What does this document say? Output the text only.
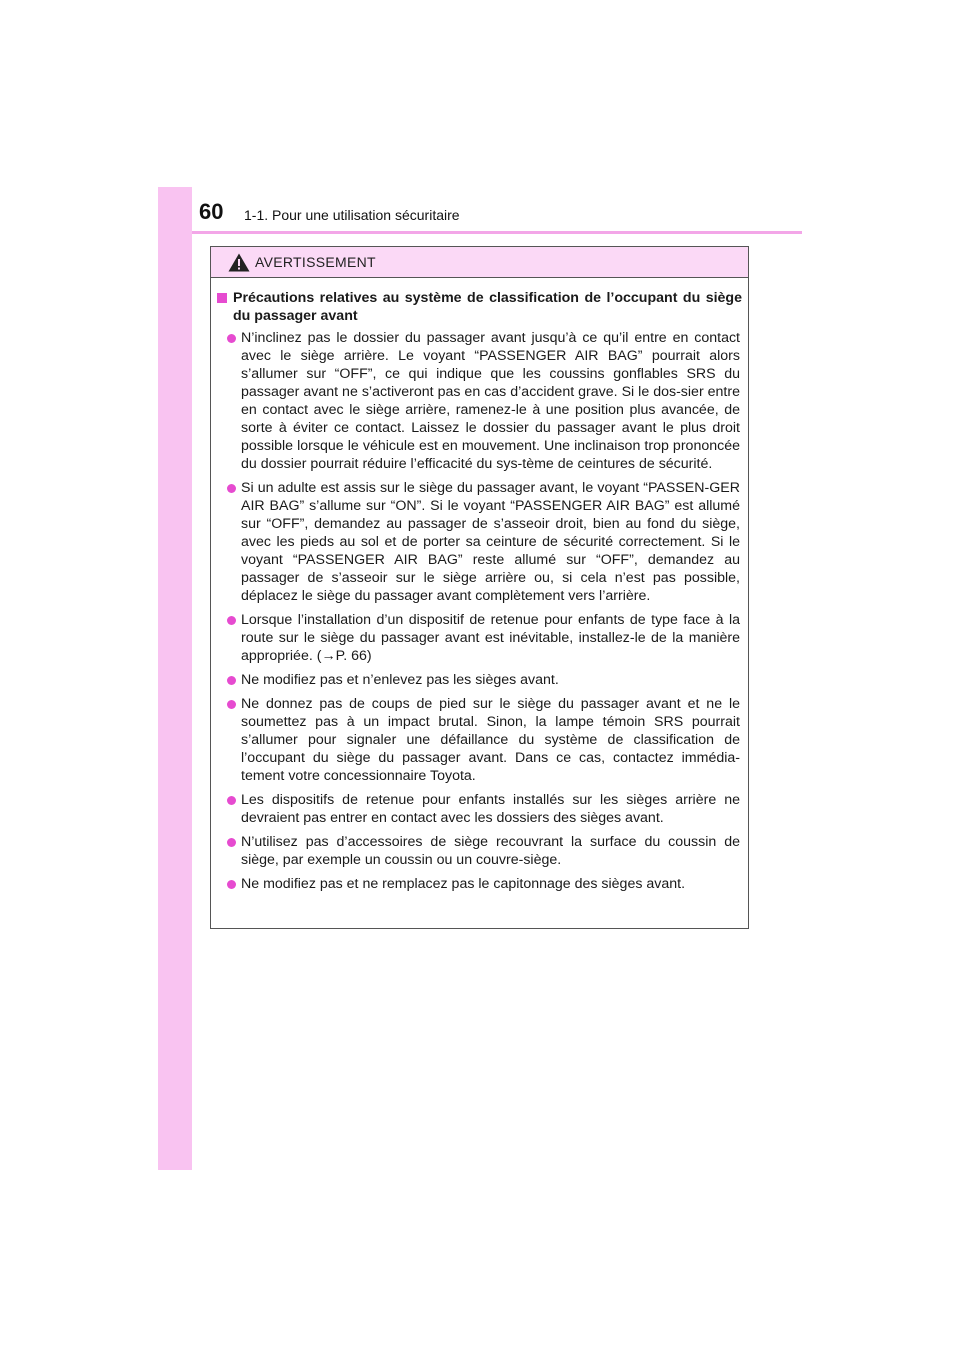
60 1-1. Pour une utilisation sécuritaire
AVERTISSEMENT
Précautions relatives au système de classification de l’occupant du siège du passager avant
N’inclinez pas le dossier du passager avant jusqu’à ce qu’il entre en contact avec le siège arrière. Le voyant “PASSENGER AIR BAG” pourrait alors s’allumer sur “OFF”, ce qui indique que les coussins gonflables SRS du passager avant ne s’activeront pas en cas d’accident grave. Si le dos-sier entre en contact avec le siège arrière, ramenez-le à une position plus avancée, de sorte à éviter ce contact. Laissez le dossier du passager avant le plus droit possible lorsque le véhicule est en mouvement. Une inclinaison trop prononcée du dossier pourrait réduire l’efficacité du sys-tème de ceintures de sécurité.
Si un adulte est assis sur le siège du passager avant, le voyant “PASSEN-GER AIR BAG” s’allume sur “ON”. Si le voyant “PASSENGER AIR BAG” est allumé sur “OFF”, demandez au passager de s’asseoir droit, bien au fond du siège, avec les pieds au sol et de porter sa ceinture de sécurité correctement. Si le voyant “PASSENGER AIR BAG” reste allumé sur “OFF”, demandez au passager de s’asseoir sur le siège arrière ou, si cela n’est pas possible, déplacez le siège du passager avant complètement vers l’arrière.
Lorsque l’installation d’un dispositif de retenue pour enfants de type face à la route sur le siège du passager avant est inévitable, installez-le de la manière appropriée. (→P. 66)
Ne modifiez pas et n’enlevez pas les sièges avant.
Ne donnez pas de coups de pied sur le siège du passager avant et ne le soumettez pas à un impact brutal. Sinon, la lampe témoin SRS pourrait s’allumer pour signaler une défaillance du système de classification de l’occupant du siège du passager avant. Dans ce cas, contactez immédia-tement votre concessionnaire Toyota.
Les dispositifs de retenue pour enfants installés sur les sièges arrière ne devraient pas entrer en contact avec les dossiers des sièges avant.
N’utilisez pas d’accessoires de siège recouvrant la surface du coussin de siège, par exemple un coussin ou un couvre-siège.
Ne modifiez pas et ne remplacez pas le capitonnage des sièges avant.
